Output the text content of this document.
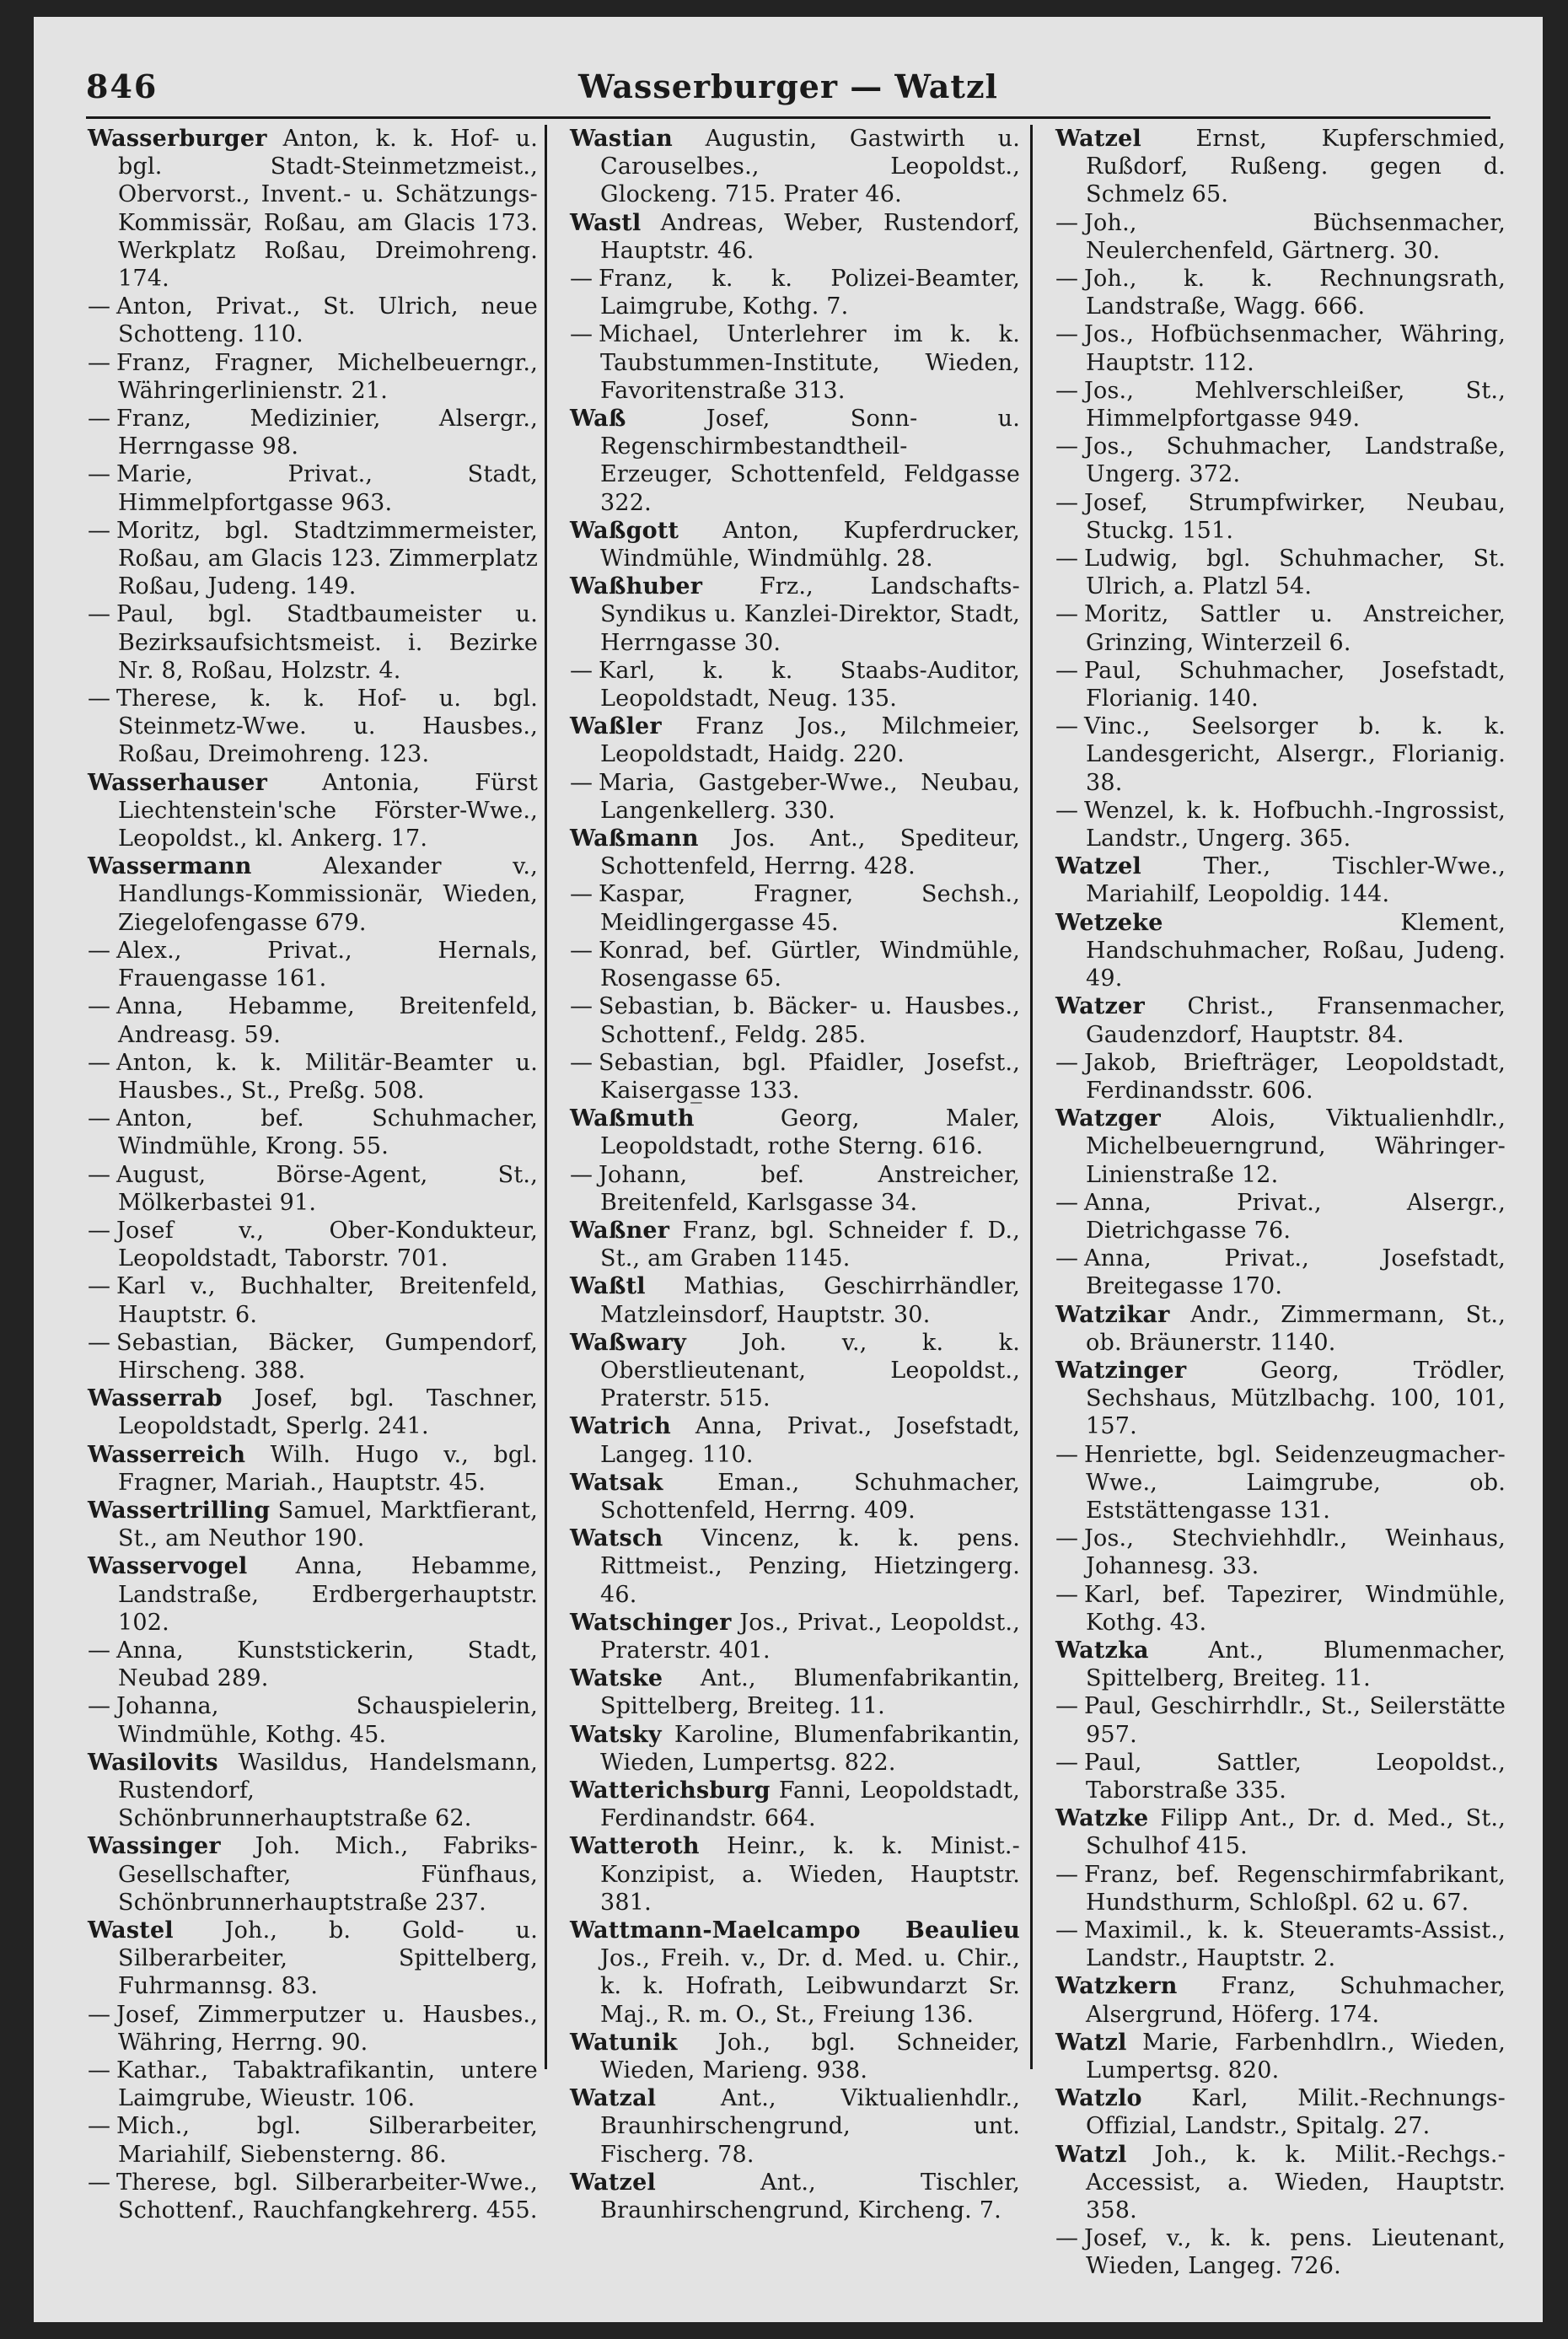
846	Wasserburger — Watzl
Wasserburger Anton, k. k. Hof- u. bgl. Stadt-Steinmetzmeist., Obervorst., Invent.- u. Schätzungs-Kommissär, Roßau, am Glacis 173. Werkplatz Roßau, Dreimohreng. 174.
— Anton, Privat., St. Ulrich, neue Schotteng. 110.
— Franz, Fragner, Michelbeuerngr., Währingerlinienstr. 21.
— Franz, Medizinier, Alsergr., Herrngasse 98.
— Marie, Privat., Stadt, Himmelpfortgasse 963.
— Moritz, bgl. Stadtzimmermeister, Roßau, am Glacis 123. Zimmerplatz Roßau, Judeng. 149.
— Paul, bgl. Stadtbaumeister u. Bezirksaufsichtsmeist. i. Bezirke Nr. 8, Roßau, Holzstr. 4.
— Therese, k. k. Hof- u. bgl. Steinmetz-Wwe. u. Hausbes., Roßau, Dreimohreng. 123.
Wasserhauser Antonia, Fürst Liechtenstein'sche Förster-Wwe., Leopoldst., kl. Ankerg. 17.
Wassermann Alexander v., Handlungs-Kommissionär, Wieden, Ziegelofengasse 679.
— Alex., Privat., Hernals, Frauengasse 161.
— Anna, Hebamme, Breitenfeld, Andreasg. 59.
— Anton, k. k. Militär-Beamter u. Hausbes., St., Preßg. 508.
— Anton, bef. Schuhmacher, Windmühle, Krong. 55.
— August, Börse-Agent, St., Mölkerbastei 91.
— Josef v., Ober-Kondukteur, Leopoldstadt, Taborstr. 701.
— Karl v., Buchhalter, Breitenfeld, Hauptstr. 6.
— Sebastian, Bäcker, Gumpendorf, Hirscheng. 388.
Wasserrab Josef, bgl. Taschner, Leopoldstadt, Sperlg. 241.
Wasserreich Wilh. Hugo v., bgl. Fragner, Mariah., Hauptstr. 45.
Wassertrilling Samuel, Marktfierant, St., am Neuthor 190.
Wasservogel Anna, Hebamme, Landstraße, Erdbergerhauptstr. 102.
— Anna, Kunststickerin, Stadt, Neubad 289.
— Johanna, Schauspielerin, Windmühle, Kothg. 45.
Wasilovits Wasildus, Handelsmann, Rustendorf, Schönbrunnerhauptstraße 62.
Wassinger Joh. Mich., Fabriks-Gesellschafter, Fünfhaus, Schönbrunnerhauptstraße 237.
Wastel Joh., b. Gold- u. Silberarbeiter, Spittelberg, Fuhrmannsg. 83.
— Josef, Zimmerputzer u. Hausbes., Währing, Herrng. 90.
— Kathar., Tabaktrafikantin, untere Laimgrube, Wieustr. 106.
— Mich., bgl. Silberarbeiter, Mariahilf, Siebensterng. 86.
— Therese, bgl. Silberarbeiter-Wwe., Schottenf., Rauchfangkehrerg. 455.
Wastian Augustin, Gastwirth u. Carouselbes., Leopoldst., Glockeng. 715. Prater 46.
Wastl Andreas, Weber, Rustendorf, Hauptstr. 46.
— Franz, k. k. Polizei-Beamter, Laimgrube, Kothg. 7.
— Michael, Unterlehrer im k. k. Taubstummen-Institute, Wieden, Favoritenstraße 313.
Waß Josef, Sonn- u. Regenschirmbestandtheil-Erzeuger, Schottenfeld, Feldgasse 322.
Waßgott Anton, Kupferdrucker, Windmühle, Windmühlg. 28.
Waßhuber Frz., Landschafts-Syndikus u. Kanzlei-Direktor, Stadt, Herrngasse 30.
— Karl, k. k. Staabs-Auditor, Leopoldstadt, Neug. 135.
Waßler Franz Jos., Milchmeier, Leopoldstadt, Haidg. 220.
— Maria, Gastgeber-Wwe., Neubau, Langenkellerg. 330.
Waßmann Jos. Ant., Spediteur, Schottenfeld, Herrng. 428.
— Kaspar, Fragner, Sechsh., Meidlingergasse 45.
— Konrad, bef. Gürtler, Windmühle, Rosengasse 65.
— Sebastian, b. Bäcker- u. Hausbes., Schottenf., Feldg. 285.
— Sebastian, bgl. Pfaidler, Josefst., Kaiserga̲sse 133.
Waßmuth Georg, Maler, Leopoldstadt, rothe Sterng. 616.
— Johann, bef. Anstreicher, Breitenfeld, Karlsgasse 34.
Waßner Franz, bgl. Schneider f. D., St., am Graben 1145.
Waßtl Mathias, Geschirrhändler, Matzleinsdorf, Hauptstr. 30.
Waßwary Joh. v., k. k. Oberstlieutenant, Leopoldst., Praterstr. 515.
Watrich Anna, Privat., Josefstadt, Langeg. 110.
Watsak Eman., Schuhmacher, Schottenfeld, Herrng. 409.
Watsch Vincenz, k. k. pens. Rittmeist., Penzing, Hietzingerg. 46.
Watschinger Jos., Privat., Leopoldst., Praterstr. 401.
Watske Ant., Blumenfabrikantin, Spittelberg, Breiteg. 11.
Watsky Karoline, Blumenfabrikantin, Wieden, Lumpertsg. 822.
Watterichsburg Fanni, Leopoldstadt, Ferdinandstr. 664.
Watteroth Heinr., k. k. Minist.-Konzipist, a. Wieden, Hauptstr. 381.
Wattmann-Maelcampo Beaulieu Jos., Freih. v., Dr. d. Med. u. Chir., k. k. Hofrath, Leibwundarzt Sr. Maj., R. m. O., St., Freiung 136.
Watunik Joh., bgl. Schneider, Wieden, Marieng. 938.
Watzal Ant., Viktualienhdlr., Braunhirschengrund, unt. Fischerg. 78.
Watzel Ant., Tischler, Braunhirschengrund, Kircheng. 7.
Watzel Ernst, Kupferschmied, Rußdorf, Rußeng. gegen d. Schmelz 65.
— Joh., Büchsenmacher, Neulerchenfeld, Gärtnerg. 30.
— Joh., k. k. Rechnungsrath, Landstraße, Wagg. 666.
— Jos., Hofbüchsenmacher, Währing, Hauptstr. 112.
— Jos., Mehlverschleißer, St., Himmelpfortgasse 949.
— Jos., Schuhmacher, Landstraße, Ungerg. 372.
— Josef, Strumpfwirker, Neubau, Stuckg. 151.
— Ludwig, bgl. Schuhmacher, St. Ulrich, a. Platzl 54.
— Moritz, Sattler u. Anstreicher, Grinzing, Winterzeil 6.
— Paul, Schuhmacher, Josefstadt, Florianig. 140.
— Vinc., Seelsorger b. k. k. Landesgericht, Alsergr., Florianig. 38.
— Wenzel, k. k. Hofbuchh.-Ingrossist, Landstr., Ungerg. 365.
Watzel Ther., Tischler-Wwe., Mariahilf, Leopoldig. 144.
Wetzeke Klement, Handschuhmacher, Roßau, Judeng. 49.
Watzer Christ., Fransenmacher, Gaudenzdorf, Hauptstr. 84.
— Jakob, Briefträger, Leopoldstadt, Ferdinandsstr. 606.
Watzger Alois, Viktualienhdlr., Michelbeuerngrund, Währinger-Linienstraße 12.
— Anna, Privat., Alsergr., Dietrichgasse 76.
— Anna, Privat., Josefstadt, Breitegasse 170.
Watzikar Andr., Zimmermann, St., ob. Bräunerstr. 1140.
Watzinger Georg, Trödler, Sechshaus, Mützlbachg. 100, 101, 157.
— Henriette, bgl. Seidenzeugmacher-Wwe., Laimgrube, ob. Eststättengasse 131.
— Jos., Stechviehhdlr., Weinhaus, Johannesg. 33.
— Karl, bef. Tapezirer, Windmühle, Kothg. 43.
Watzka Ant., Blumenmacher, Spittelberg, Breiteg. 11.
— Paul, Geschirrhdlr., St., Seilerstätte 957.
— Paul, Sattler, Leopoldst., Taborstraße 335.
Watzke Filipp Ant., Dr. d. Med., St., Schulhof 415.
— Franz, bef. Regenschirmfabrikant, Hundsthurm, Schloßpl. 62 u. 67.
— Maximil., k. k. Steueramts-Assist., Landstr., Hauptstr. 2.
Watzkern Franz, Schuhmacher, Alsergrund, Höferg. 174.
Watzl Marie, Farbenhdlrn., Wieden, Lumpertsg. 820.
Watzlo Karl, Milit.-Rechnungs-Offizial, Landstr., Spitalg. 27.
Watzl Joh., k. k. Milit.-Rechgs.-Accessist, a. Wieden, Hauptstr. 358.
— Josef, v., k. k. pens. Lieutenant, Wieden, Langeg. 726.
